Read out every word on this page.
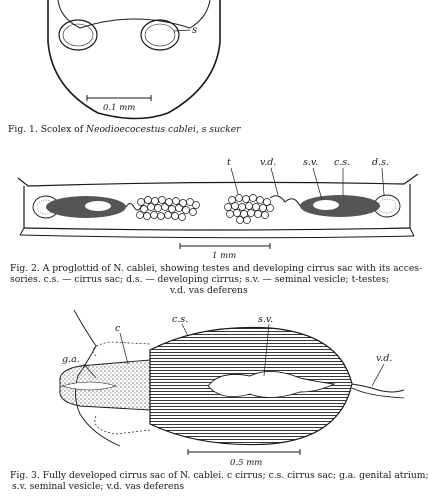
s
0.1 mm
Fig. 1. Scolex of Neodioecocestus cablei, s sucker
t	v.d.	s.v. c.s. d.s.
1 mm
Fig. 2. A proglottid of N. cablei, showing testes and developing cirrus sac with its acces-
sories. c.s. — cirrus sac; d.s. — developing cirrus; s.v. — seminal vesicle; t-testes;
v.d. vas deferens
c
c.s.	s.v.
g.a.	v.d.
0.5 mm
Fig. 3. Fully developed cirrus sac of N. cablei. c cirrus; c.s. cirrus sac; g.a. genital atrium;
s.v. seminal vesicle; v.d. vas deferens
